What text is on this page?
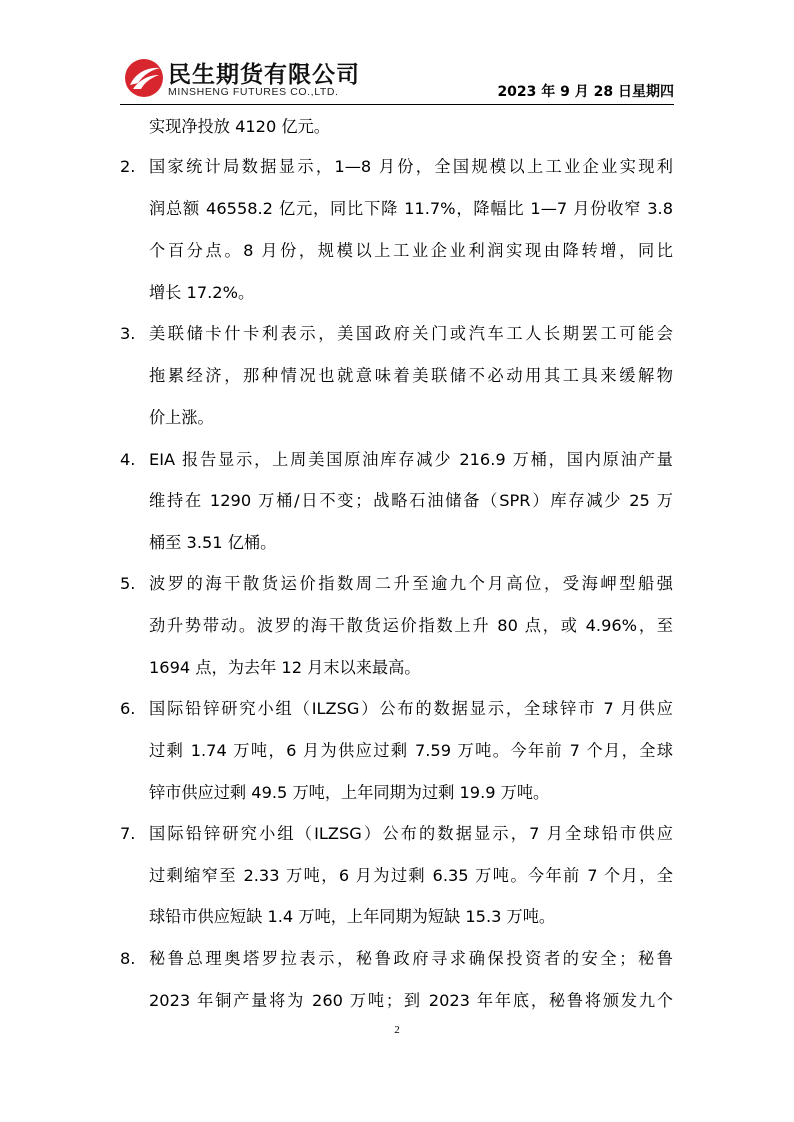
民生期货有限公司
MINSHENG FUTURES CO.,LTD.	2023 年 9 月 28 日星期四
实现净投放 4120 亿元。
2. 国家统计局数据显示，1—8 月份，全国规模以上工业企业实现利
润总额 46558.2 亿元，同比下降 11.7%，降幅比 1—7 月份收窄 3.8
个百分点。8 月份，规模以上工业企业利润实现由降转增，同比
增长 17.2%。
3. 美联储卡什卡利表示，美国政府关门或汽车工人长期罢工可能会
拖累经济，那种情况也就意味着美联储不必动用其工具来缓解物
价上涨。
4. EIA 报告显示，上周美国原油库存减少 216.9 万桶，国内原油产量
维持在 1290 万桶/日不变；战略石油储备（SPR）库存减少 25 万
桶至 3.51 亿桶。
5. 波罗的海干散货运价指数周二升至逾九个月高位，受海岬型船强
劲升势带动。波罗的海干散货运价指数上升 80 点，或 4.96%，至
1694 点，为去年 12 月末以来最高。
6. 国际铅锌研究小组（ILZSG）公布的数据显示，全球锌市 7 月供应
过剩 1.74 万吨，6 月为供应过剩 7.59 万吨。今年前 7 个月，全球
锌市供应过剩 49.5 万吨，上年同期为过剩 19.9 万吨。
7. 国际铅锌研究小组（ILZSG）公布的数据显示，7 月全球铅市供应
过剩缩窄至 2.33 万吨，6 月为过剩 6.35 万吨。今年前 7 个月，全
球铅市供应短缺 1.4 万吨，上年同期为短缺 15.3 万吨。
8. 秘鲁总理奥塔罗拉表示，秘鲁政府寻求确保投资者的安全；秘鲁
2023 年铜产量将为 260 万吨；到 2023 年年底，秘鲁将颁发九个
2
